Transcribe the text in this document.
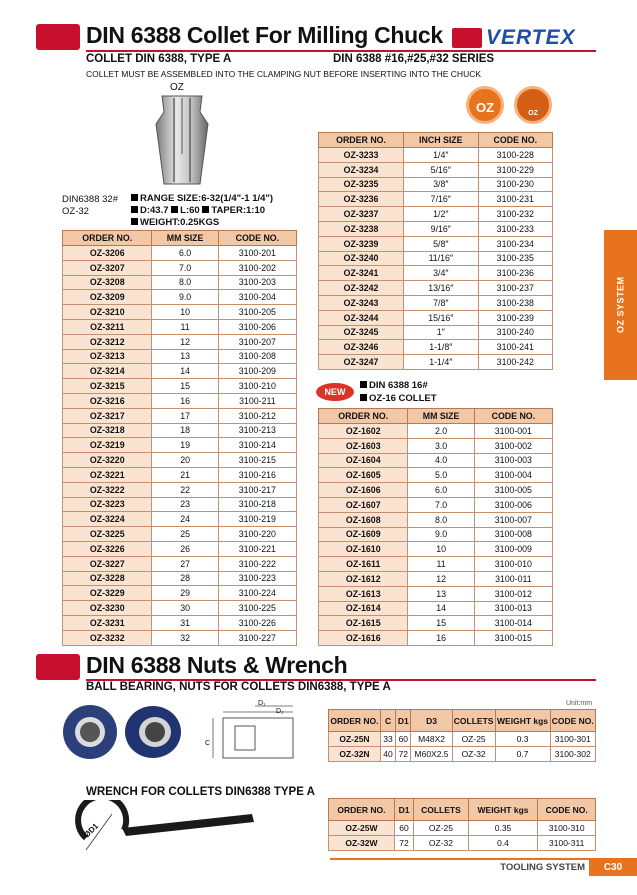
DIN 6388 Collet For Milling Chuck VERTEX
COLLET DIN 6388, TYPE A	DIN 6388 #16,#25,#32 SERIES
COLLET MUST BE ASSEMBLED INTO THE CLAMPING NUT BEFORE INSERTING INTO THE CHUCK
OZ
OZ	OZ
OZ SYSTEM
ORDER NO.	INCH SIZE	CODE NO.
OZ-3233	1/4″	3100-228
OZ-3234	5/16″	3100-229
OZ-3235	3/8″	3100-230
OZ-3236	7/16″	3100-231
OZ-3237	1/2″	3100-232
OZ-3238	9/16″	3100-233
OZ-3239	5/8″	3100-234
OZ-3240	11/16″	3100-235
OZ-3241	3/4″	3100-236
OZ-3242	13/16″	3100-237
OZ-3243	7/8″	3100-238
OZ-3244	15/16″	3100-239
OZ-3245	1″	3100-240
OZ-3246	1-1/8″	3100-241
OZ-3247	1-1/4″	3100-242
DIN6388 32#
OZ-32
RANGE SIZE:6-32(1/4"-1 1/4")
D:43.7 L:60 TAPER:1:10
WEIGHT:0.25KGS
ORDER NO.	MM SIZE	CODE NO.
OZ-3206	6.0	3100-201
OZ-3207	7.0	3100-202
OZ-3208	8.0	3100-203
OZ-3209	9.0	3100-204
OZ-3210	10	3100-205
OZ-3211	11	3100-206
OZ-3212	12	3100-207
OZ-3213	13	3100-208
OZ-3214	14	3100-209
OZ-3215	15	3100-210
OZ-3216	16	3100-211
OZ-3217	17	3100-212
OZ-3218	18	3100-213
OZ-3219	19	3100-214
OZ-3220	20	3100-215
OZ-3221	21	3100-216
OZ-3222	22	3100-217
OZ-3223	23	3100-218
OZ-3224	24	3100-219
OZ-3225	25	3100-220
OZ-3226	26	3100-221
OZ-3227	27	3100-222
OZ-3228	28	3100-223
OZ-3229	29	3100-224
OZ-3230	30	3100-225
OZ-3231	31	3100-226
OZ-3232	32	3100-227
NEW
DIN 6388 16#
OZ-16 COLLET
ORDER NO.	MM SIZE	CODE NO.
OZ-1602	2.0	3100-001
OZ-1603	3.0	3100-002
OZ-1604	4.0	3100-003
OZ-1605	5.0	3100-004
OZ-1606	6.0	3100-005
OZ-1607	7.0	3100-006
OZ-1608	8.0	3100-007
OZ-1609	9.0	3100-008
OZ-1610	10	3100-009
OZ-1611	11	3100-010
OZ-1612	12	3100-011
OZ-1613	13	3100-012
OZ-1614	14	3100-013
OZ-1615	15	3100-014
OZ-1616	16	3100-015
DIN 6388 Nuts & Wrench
BALL BEARING, NUTS FOR COLLETS DIN6388, TYPE A
D₁
D₂
C
Unit:mm
ORDER NO.	C	D1	D3	COLLETS	WEIGHT kgs	CODE NO.
OZ-25N	33	60	M48X2	OZ-25	0.3	3100-301
OZ-32N	40	72	M60X2.5	OZ-32	0.7	3100-302
WRENCH FOR COLLETS DIN6388 TYPE A
ØD1
ORDER NO.	D1	COLLETS	WEIGHT kgs	CODE NO.
OZ-25W	60	OZ-25	0.35	3100-310
OZ-32W	72	OZ-32	0.4	3100-311
TOOLING SYSTEM	C30
